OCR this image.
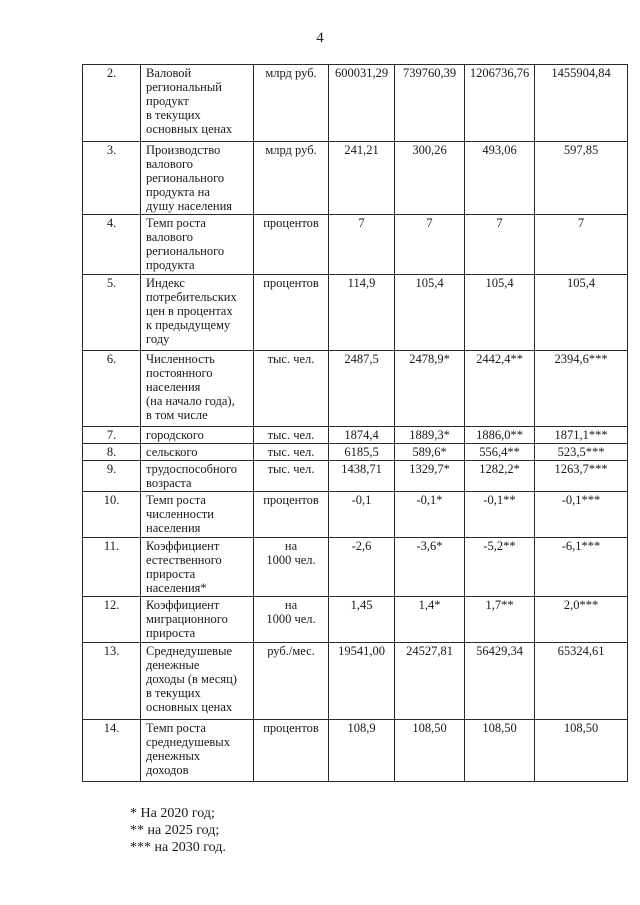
4
2.	Валовой
региональный
продукт
в текущих
основных ценах	млрд руб.	600031,29	739760,39	1206736,76	1455904,84
3.	Производство
валового
регионального
продукта на
душу населения	млрд руб.	241,21	300,26	493,06	597,85
4.	Темп роста
валового
регионального
продукта	процентов	7	7	7	7
5.	Индекс
потребительских
цен в процентах
к предыдущему
году	процентов	114,9	105,4	105,4	105,4
6.	Численность
постоянного
населения
(на начало года),
в том числе	тыс. чел.	2487,5	2478,9*	2442,4**	2394,6***
7.	городского	тыс. чел.	1874,4	1889,3*	1886,0**	1871,1***
8.	сельского	тыс. чел.	6185,5	589,6*	556,4**	523,5***
9.	трудоспособного
возраста	тыс. чел.	1438,71	1329,7*	1282,2*	1263,7***
10.	Темп роста
численности
населения	процентов	-0,1	-0,1*	-0,1**	-0,1***
11.	Коэффициент
естественного
прироста
населения*	на
1000 чел.	-2,6	-3,6*	-5,2**	-6,1***
12.	Коэффициент
миграционного
прироста	на
1000 чел.	1,45	1,4*	1,7**	2,0***
13.	Среднедушевые
денежные
доходы (в месяц)
в текущих
основных ценах	руб./мес.	19541,00	24527,81	56429,34	65324,61
14.	Темп роста
среднедушевых
денежных
доходов	процентов	108,9	108,50	108,50	108,50
* На 2020 год;
** на 2025 год;
*** на 2030 год.
